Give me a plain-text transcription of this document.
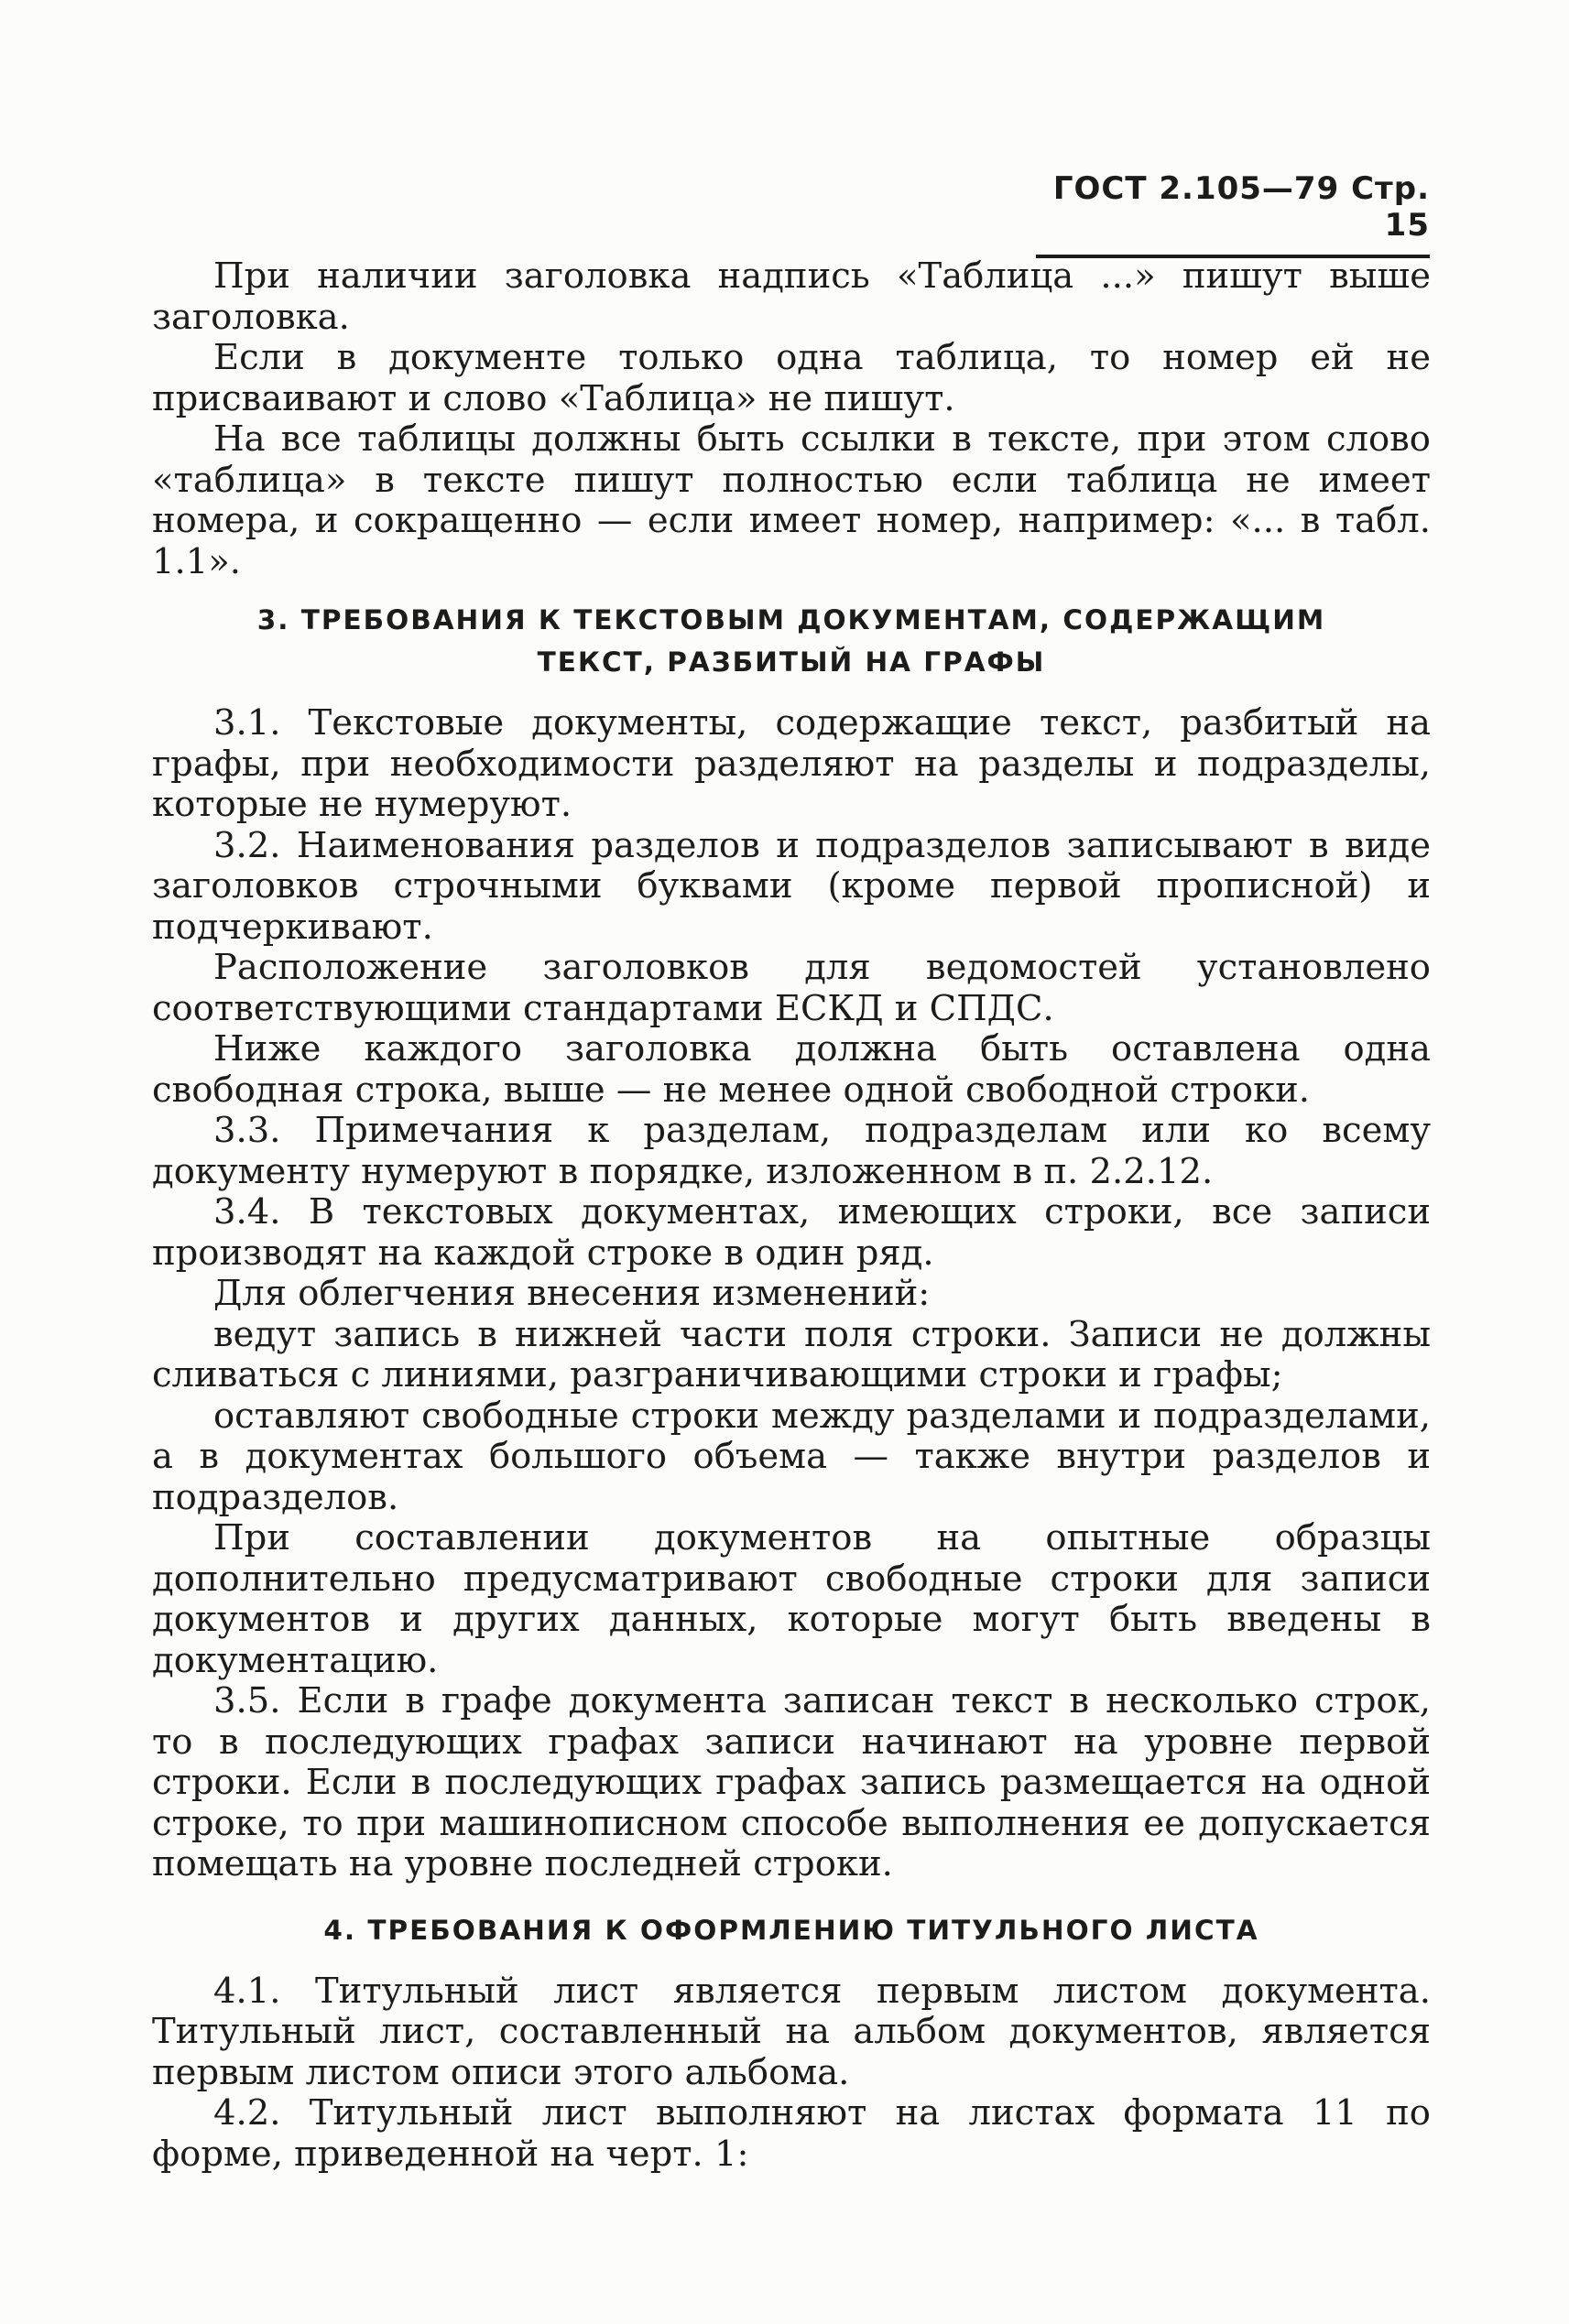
ГОСТ 2.105—79 Стр. 15
При наличии заголовка надпись «Таблица ...» пишут выше заголовка.
Если в документе только одна таблица, то номер ей не присваивают и слово «Таблица» не пишут.
На все таблицы должны быть ссылки в тексте, при этом слово «таблица» в тексте пишут полностью если таблица не имеет номера, и сокращенно — если имеет номер, например: «... в табл. 1.1».
3. ТРЕБОВАНИЯ К ТЕКСТОВЫМ ДОКУМЕНТАМ, СОДЕРЖАЩИМ
ТЕКСТ, РАЗБИТЫЙ НА ГРАФЫ
3.1. Текстовые документы, содержащие текст, разбитый на графы, при необходимости разделяют на разделы и подразделы, которые не нумеруют.
3.2. Наименования разделов и подразделов записывают в виде заголовков строчными буквами (кроме первой прописной) и подчеркивают.
Расположение заголовков для ведомостей установлено соответствующими стандартами ЕСКД и СПДС.
Ниже каждого заголовка должна быть оставлена одна свободная строка, выше — не менее одной свободной строки.
3.3. Примечания к разделам, подразделам или ко всему документу нумеруют в порядке, изложенном в п. 2.2.12.
3.4. В текстовых документах, имеющих строки, все записи производят на каждой строке в один ряд.
Для облегчения внесения изменений:
ведут запись в нижней части поля строки. Записи не должны сливаться с линиями, разграничивающими строки и графы;
оставляют свободные строки между разделами и подразделами, а в документах большого объема — также внутри разделов и подразделов.
При составлении документов на опытные образцы дополнительно предусматривают свободные строки для записи документов и других данных, которые могут быть введены в документацию.
3.5. Если в графе документа записан текст в несколько строк, то в последующих графах записи начинают на уровне первой строки. Если в последующих графах запись размещается на одной строке, то при машинописном способе выполнения ее допускается помещать на уровне последней строки.
4. ТРЕБОВАНИЯ К ОФОРМЛЕНИЮ ТИТУЛЬНОГО ЛИСТА
4.1. Титульный лист является первым листом документа. Титульный лист, составленный на альбом документов, является первым листом описи этого альбома.
4.2. Титульный лист выполняют на листах формата 11 по форме, приведенной на черт. 1:
